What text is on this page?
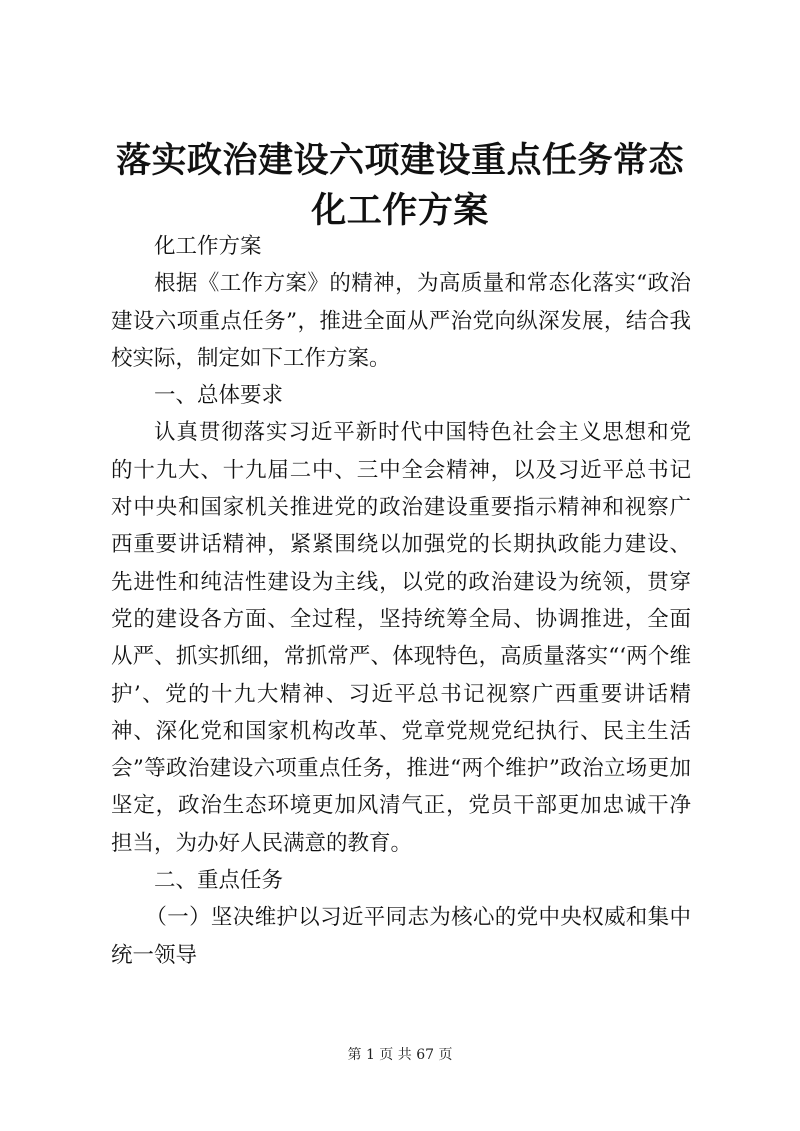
落实政治建设六项建设重点任务常态化工作方案

化工作方案

根据《工作方案》的精神，为高质量和常态化落实“政治建设六项重点任务”，推进全面从严治党向纵深发展，结合我校实际，制定如下工作方案。

一、总体要求

认真贯彻落实习近平新时代中国特色社会主义思想和党的十九大、十九届二中、三中全会精神，以及习近平总书记对中央和国家机关推进党的政治建设重要指示精神和视察广西重要讲话精神，紧紧围绕以加强党的长期执政能力建设、先进性和纯洁性建设为主线，以党的政治建设为统领，贯穿党的建设各方面、全过程，坚持统筹全局、协调推进，全面从严、抓实抓细，常抓常严、体现特色，高质量落实“‘两个维护’、党的十九大精神、习近平总书记视察广西重要讲话精神、深化党和国家机构改革、党章党规党纪执行、民主生活会”等政治建设六项重点任务，推进“两个维护”政治立场更加坚定，政治生态环境更加风清气正，党员干部更加忠诚干净担当，为办好人民满意的教育。

二、重点任务

（一）坚决维护以习近平同志为核心的党中央权威和集中统一领导

第 1 页 共 67 页
